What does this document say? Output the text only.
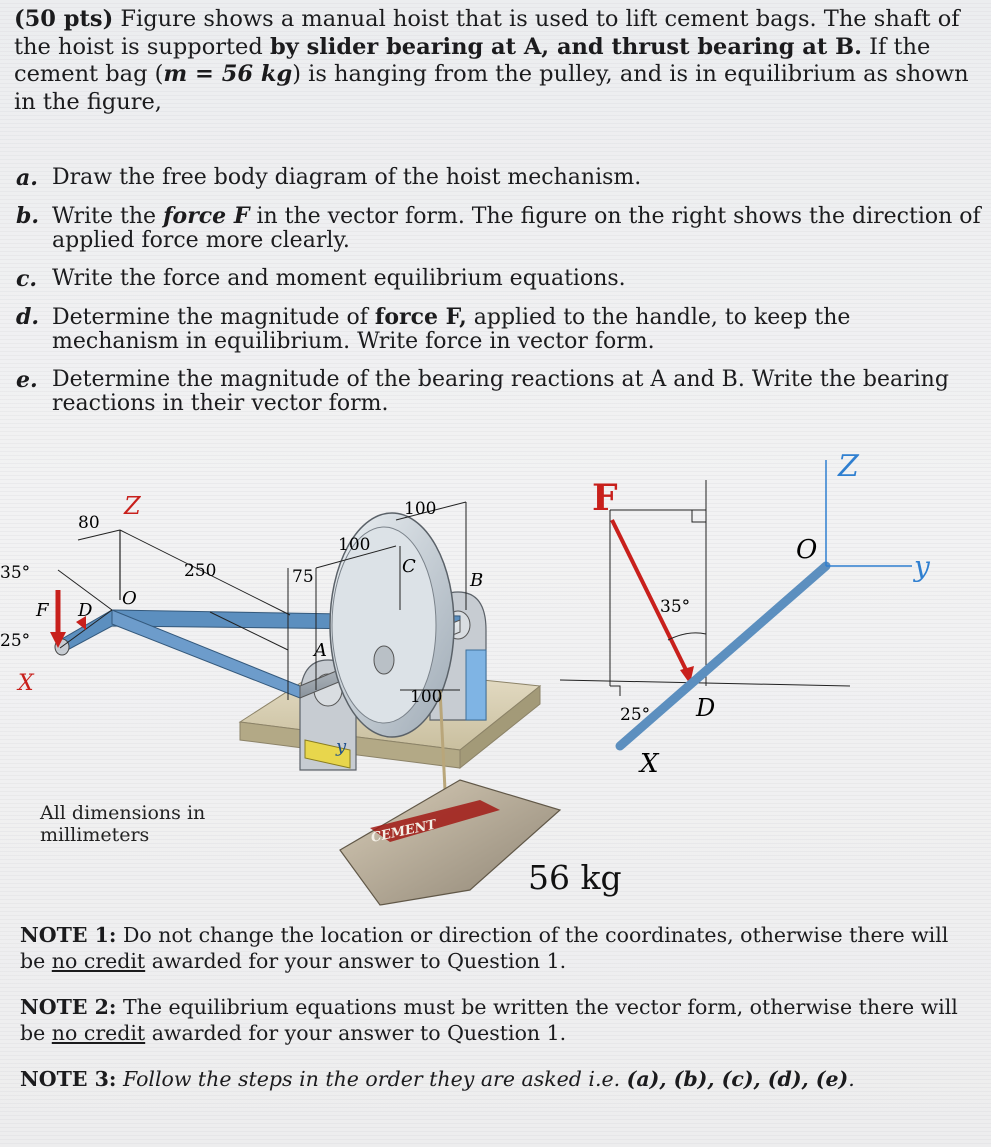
(50 pts) Figure shows a manual hoist that is used to lift cement bags. The shaft of the hoist is supported by slider bearing at A, and thrust bearing at B. If the cement bag (m = 56 kg) is hanging from the pulley, and is in equilibrium as shown in the figure,
a. Draw the free body diagram of the hoist mechanism.
b. Write the force F in the vector form. The figure on the right shows the direction of applied force more clearly.
c. Write the force and moment equilibrium equations.
d. Determine the magnitude of force F, applied to the handle, to keep the mechanism in equilibrium. Write force in vector form.
e. Determine the magnitude of the bearing reactions at A and B. Write the bearing reactions in their vector form.
CEMENT
80
Z
35°
25°
X
F D
O
250	75
100
100
C
B
A
100
y
F
Z
y
O
35°
25° D
X
All dimensions in millimeters
56 kg
NOTE 1: Do not change the location or direction of the coordinates, otherwise there will be no credit awarded for your answer to Question 1.
NOTE 2: The equilibrium equations must be written the vector form, otherwise there will be no credit awarded for your answer to Question 1.
NOTE 3: Follow the steps in the order they are asked i.e. (a), (b), (c), (d), (e).
